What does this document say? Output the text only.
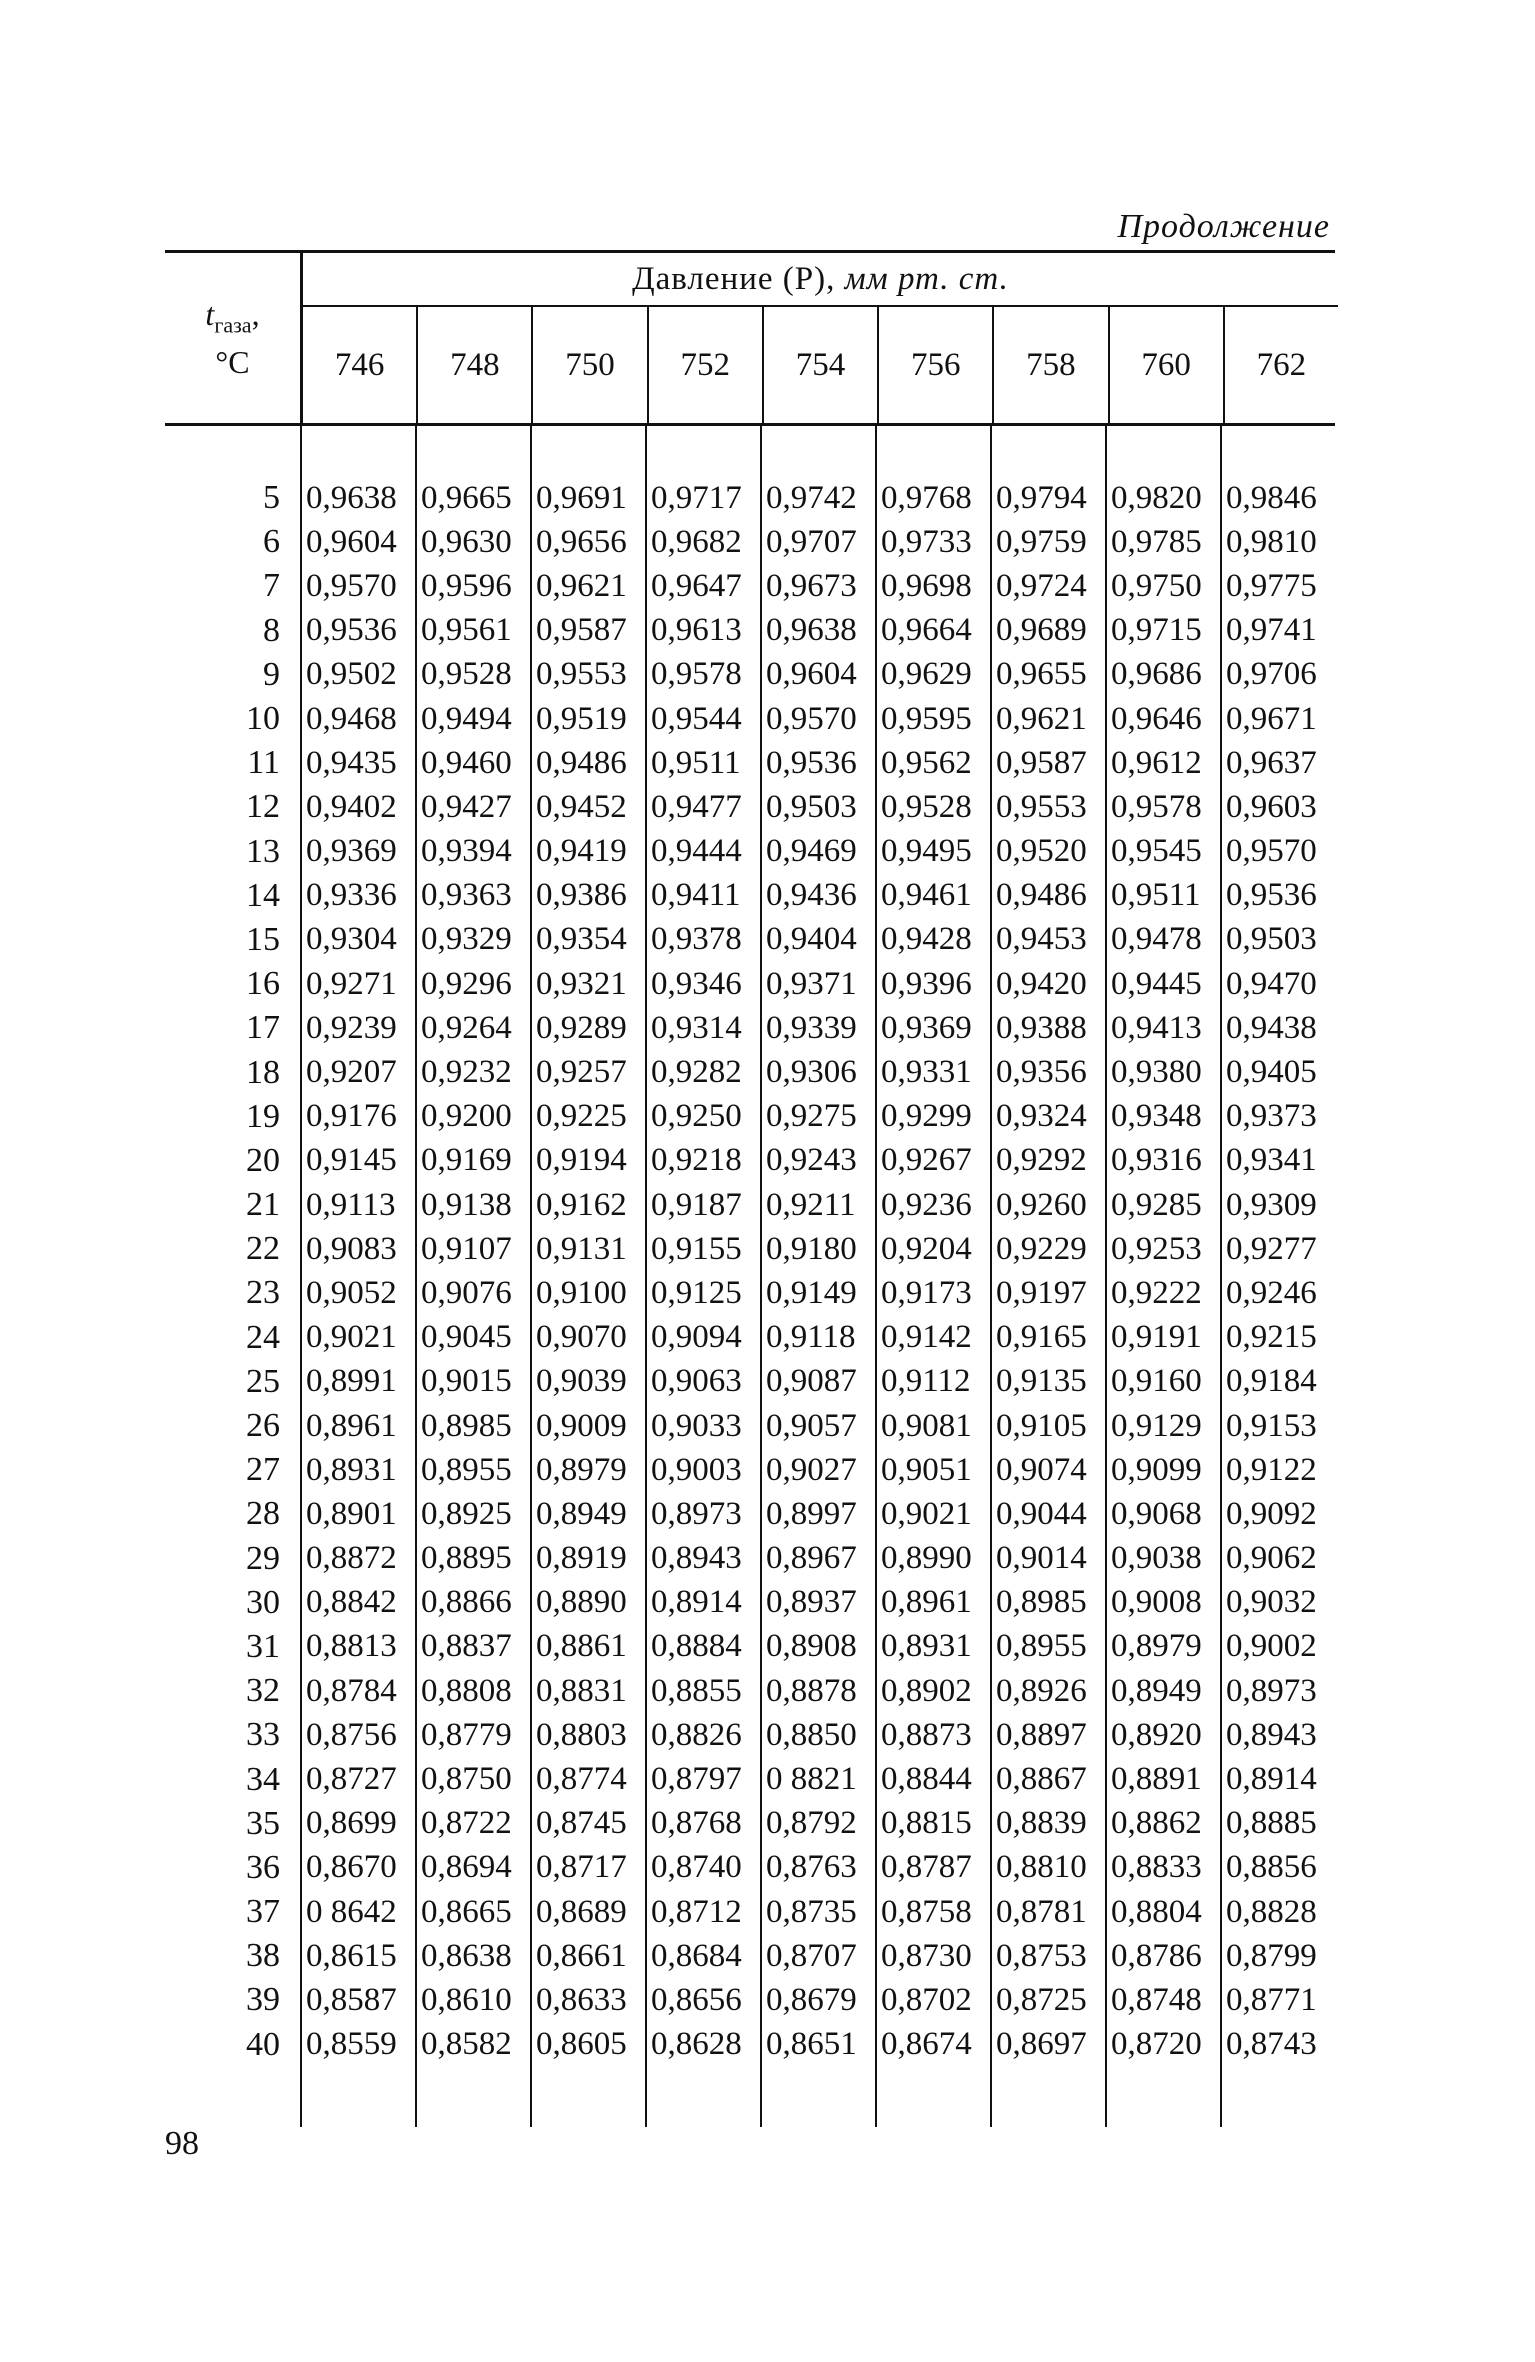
Продолжение
$t_{газа}$,
°C
Давление (P), мм рт. ст.
746	748	750	752	754	756	758	760	762
5 0,9638 0,9665 0,9691 0,9717 0,9742 0,9768 0,9794 0,9820 0,9846
6 0,9604 0,9630 0,9656 0,9682 0,9707 0,9733 0,9759 0,9785 0,9810
7 0,9570 0,9596 0,9621 0,9647 0,9673 0,9698 0,9724 0,9750 0,9775
8 0,9536 0,9561 0,9587 0,9613 0,9638 0,9664 0,9689 0,9715 0,9741
9 0,9502 0,9528 0,9553 0,9578 0,9604 0,9629 0,9655 0,9686 0,9706
10 0,9468 0,9494 0,9519 0,9544 0,9570 0,9595 0,9621 0,9646 0,9671
11 0,9435 0,9460 0,9486 0,9511 0,9536 0,9562 0,9587 0,9612 0,9637
12 0,9402 0,9427 0,9452 0,9477 0,9503 0,9528 0,9553 0,9578 0,9603
13 0,9369 0,9394 0,9419 0,9444 0,9469 0,9495 0,9520 0,9545 0,9570
14 0,9336 0,9363 0,9386 0,9411 0,9436 0,9461 0,9486 0,9511 0,9536
15 0,9304 0,9329 0,9354 0,9378 0,9404 0,9428 0,9453 0,9478 0,9503
16 0,9271 0,9296 0,9321 0,9346 0,9371 0,9396 0,9420 0,9445 0,9470
17 0,9239 0,9264 0,9289 0,9314 0,9339 0,9369 0,9388 0,9413 0,9438
18 0,9207 0,9232 0,9257 0,9282 0,9306 0,9331 0,9356 0,9380 0,9405
19 0,9176 0,9200 0,9225 0,9250 0,9275 0,9299 0,9324 0,9348 0,9373
20 0,9145 0,9169 0,9194 0,9218 0,9243 0,9267 0,9292 0,9316 0,9341
21 0,9113 0,9138 0,9162 0,9187 0,9211 0,9236 0,9260 0,9285 0,9309
22 0,9083 0,9107 0,9131 0,9155 0,9180 0,9204 0,9229 0,9253 0,9277
23 0,9052 0,9076 0,9100 0,9125 0,9149 0,9173 0,9197 0,9222 0,9246
24 0,9021 0,9045 0,9070 0,9094 0,9118 0,9142 0,9165 0,9191 0,9215
25 0,8991 0,9015 0,9039 0,9063 0,9087 0,9112 0,9135 0,9160 0,9184
26 0,8961 0,8985 0,9009 0,9033 0,9057 0,9081 0,9105 0,9129 0,9153
27 0,8931 0,8955 0,8979 0,9003 0,9027 0,9051 0,9074 0,9099 0,9122
28 0,8901 0,8925 0,8949 0,8973 0,8997 0,9021 0,9044 0,9068 0,9092
29 0,8872 0,8895 0,8919 0,8943 0,8967 0,8990 0,9014 0,9038 0,9062
30 0,8842 0,8866 0,8890 0,8914 0,8937 0,8961 0,8985 0,9008 0,9032
31 0,8813 0,8837 0,8861 0,8884 0,8908 0,8931 0,8955 0,8979 0,9002
32 0,8784 0,8808 0,8831 0,8855 0,8878 0,8902 0,8926 0,8949 0,8973
33 0,8756 0,8779 0,8803 0,8826 0,8850 0,8873 0,8897 0,8920 0,8943
34 0,8727 0,8750 0,8774 0,8797 0 8821 0,8844 0,8867 0,8891 0,8914
35 0,8699 0,8722 0,8745 0,8768 0,8792 0,8815 0,8839 0,8862 0,8885
36 0,8670 0,8694 0,8717 0,8740 0,8763 0,8787 0,8810 0,8833 0,8856
37 0 8642 0,8665 0,8689 0,8712 0,8735 0,8758 0,8781 0,8804 0,8828
38 0,8615 0,8638 0,8661 0,8684 0,8707 0,8730 0,8753 0,8786 0,8799
39 0,8587 0,8610 0,8633 0,8656 0,8679 0,8702 0,8725 0,8748 0,8771
40 0,8559 0,8582 0,8605 0,8628 0,8651 0,8674 0,8697 0,8720 0,8743
98
